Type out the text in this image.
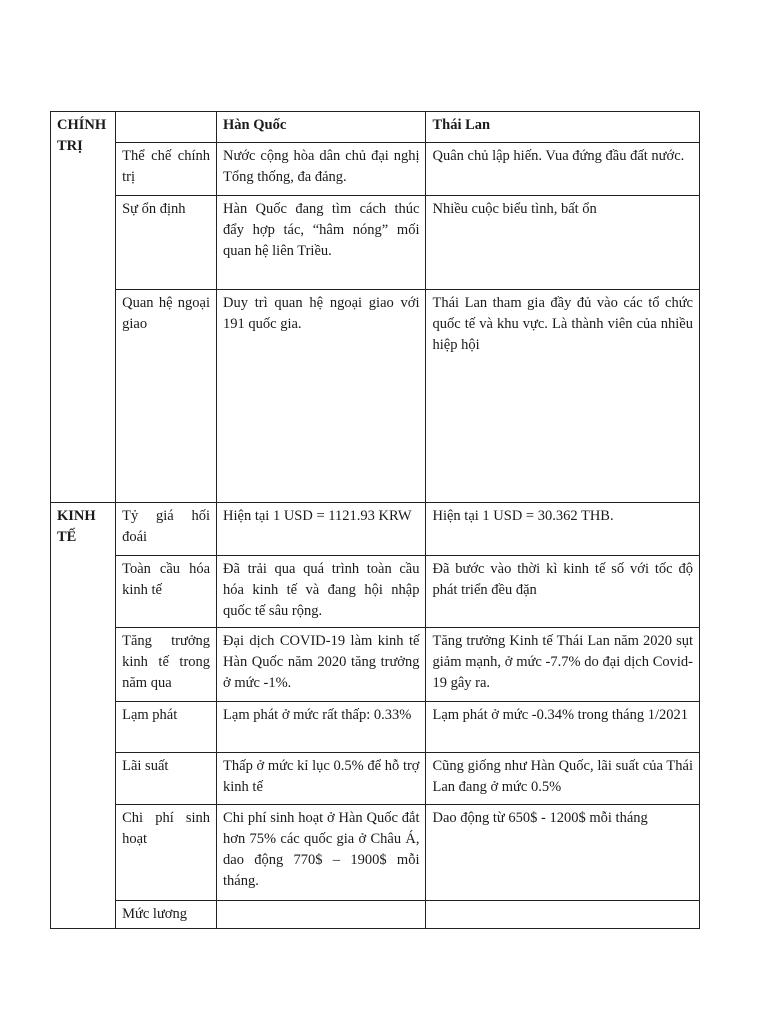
CHÍNH TRỊ		Hàn Quốc	Thái Lan
	Thể chế chính trị	Nước cộng hòa dân chủ đại nghị Tổng thống, đa đảng.	Quân chủ lập hiến. Vua đứng đầu đất nước.
	Sự ổn định	Hàn Quốc đang tìm cách thúc đẩy hợp tác, “hâm nóng” mối quan hệ liên Triều.	Nhiều cuộc biểu tình, bất ổn
	Quan hệ ngoại giao	Duy trì quan hệ ngoại giao với 191 quốc gia.	Thái Lan tham gia đầy đủ vào các tổ chức quốc tế và khu vực. Là thành viên của nhiều hiệp hội
KINH TẾ	Tỷ giá hối đoái	Hiện tại 1 USD = 1121.93 KRW	Hiện tại 1 USD = 30.362 THB.
	Toàn cầu hóa kinh tế	Đã trải qua quá trình toàn cầu hóa kinh tế và đang hội nhập quốc tế sâu rộng.	Đã bước vào thời kì kinh tế số với tốc độ phát triển đều đặn
	Tăng trưởng kinh tế trong năm qua	Đại dịch COVID-19 làm kinh tế Hàn Quốc năm 2020 tăng trưởng ở mức -1%.	Tăng trưởng Kinh tế Thái Lan năm 2020 sụt giảm mạnh, ở mức -7.7% do đại dịch Covid-19 gây ra.
	Lạm phát	Lạm phát ở mức rất thấp: 0.33%	Lạm phát ở mức -0.34% trong tháng 1/2021
	Lãi suất	Thấp ở mức kỉ lục 0.5% để hỗ trợ kinh tế	Cũng giống như Hàn Quốc, lãi suất của Thái Lan đang ở mức 0.5%
	Chi phí sinh hoạt	Chi phí sinh hoạt ở Hàn Quốc đắt hơn 75% các quốc gia ở Châu Á, dao động 770$ – 1900$ mỗi tháng.	Dao động từ 650$ - 1200$ mỗi tháng
	Mức lương		
